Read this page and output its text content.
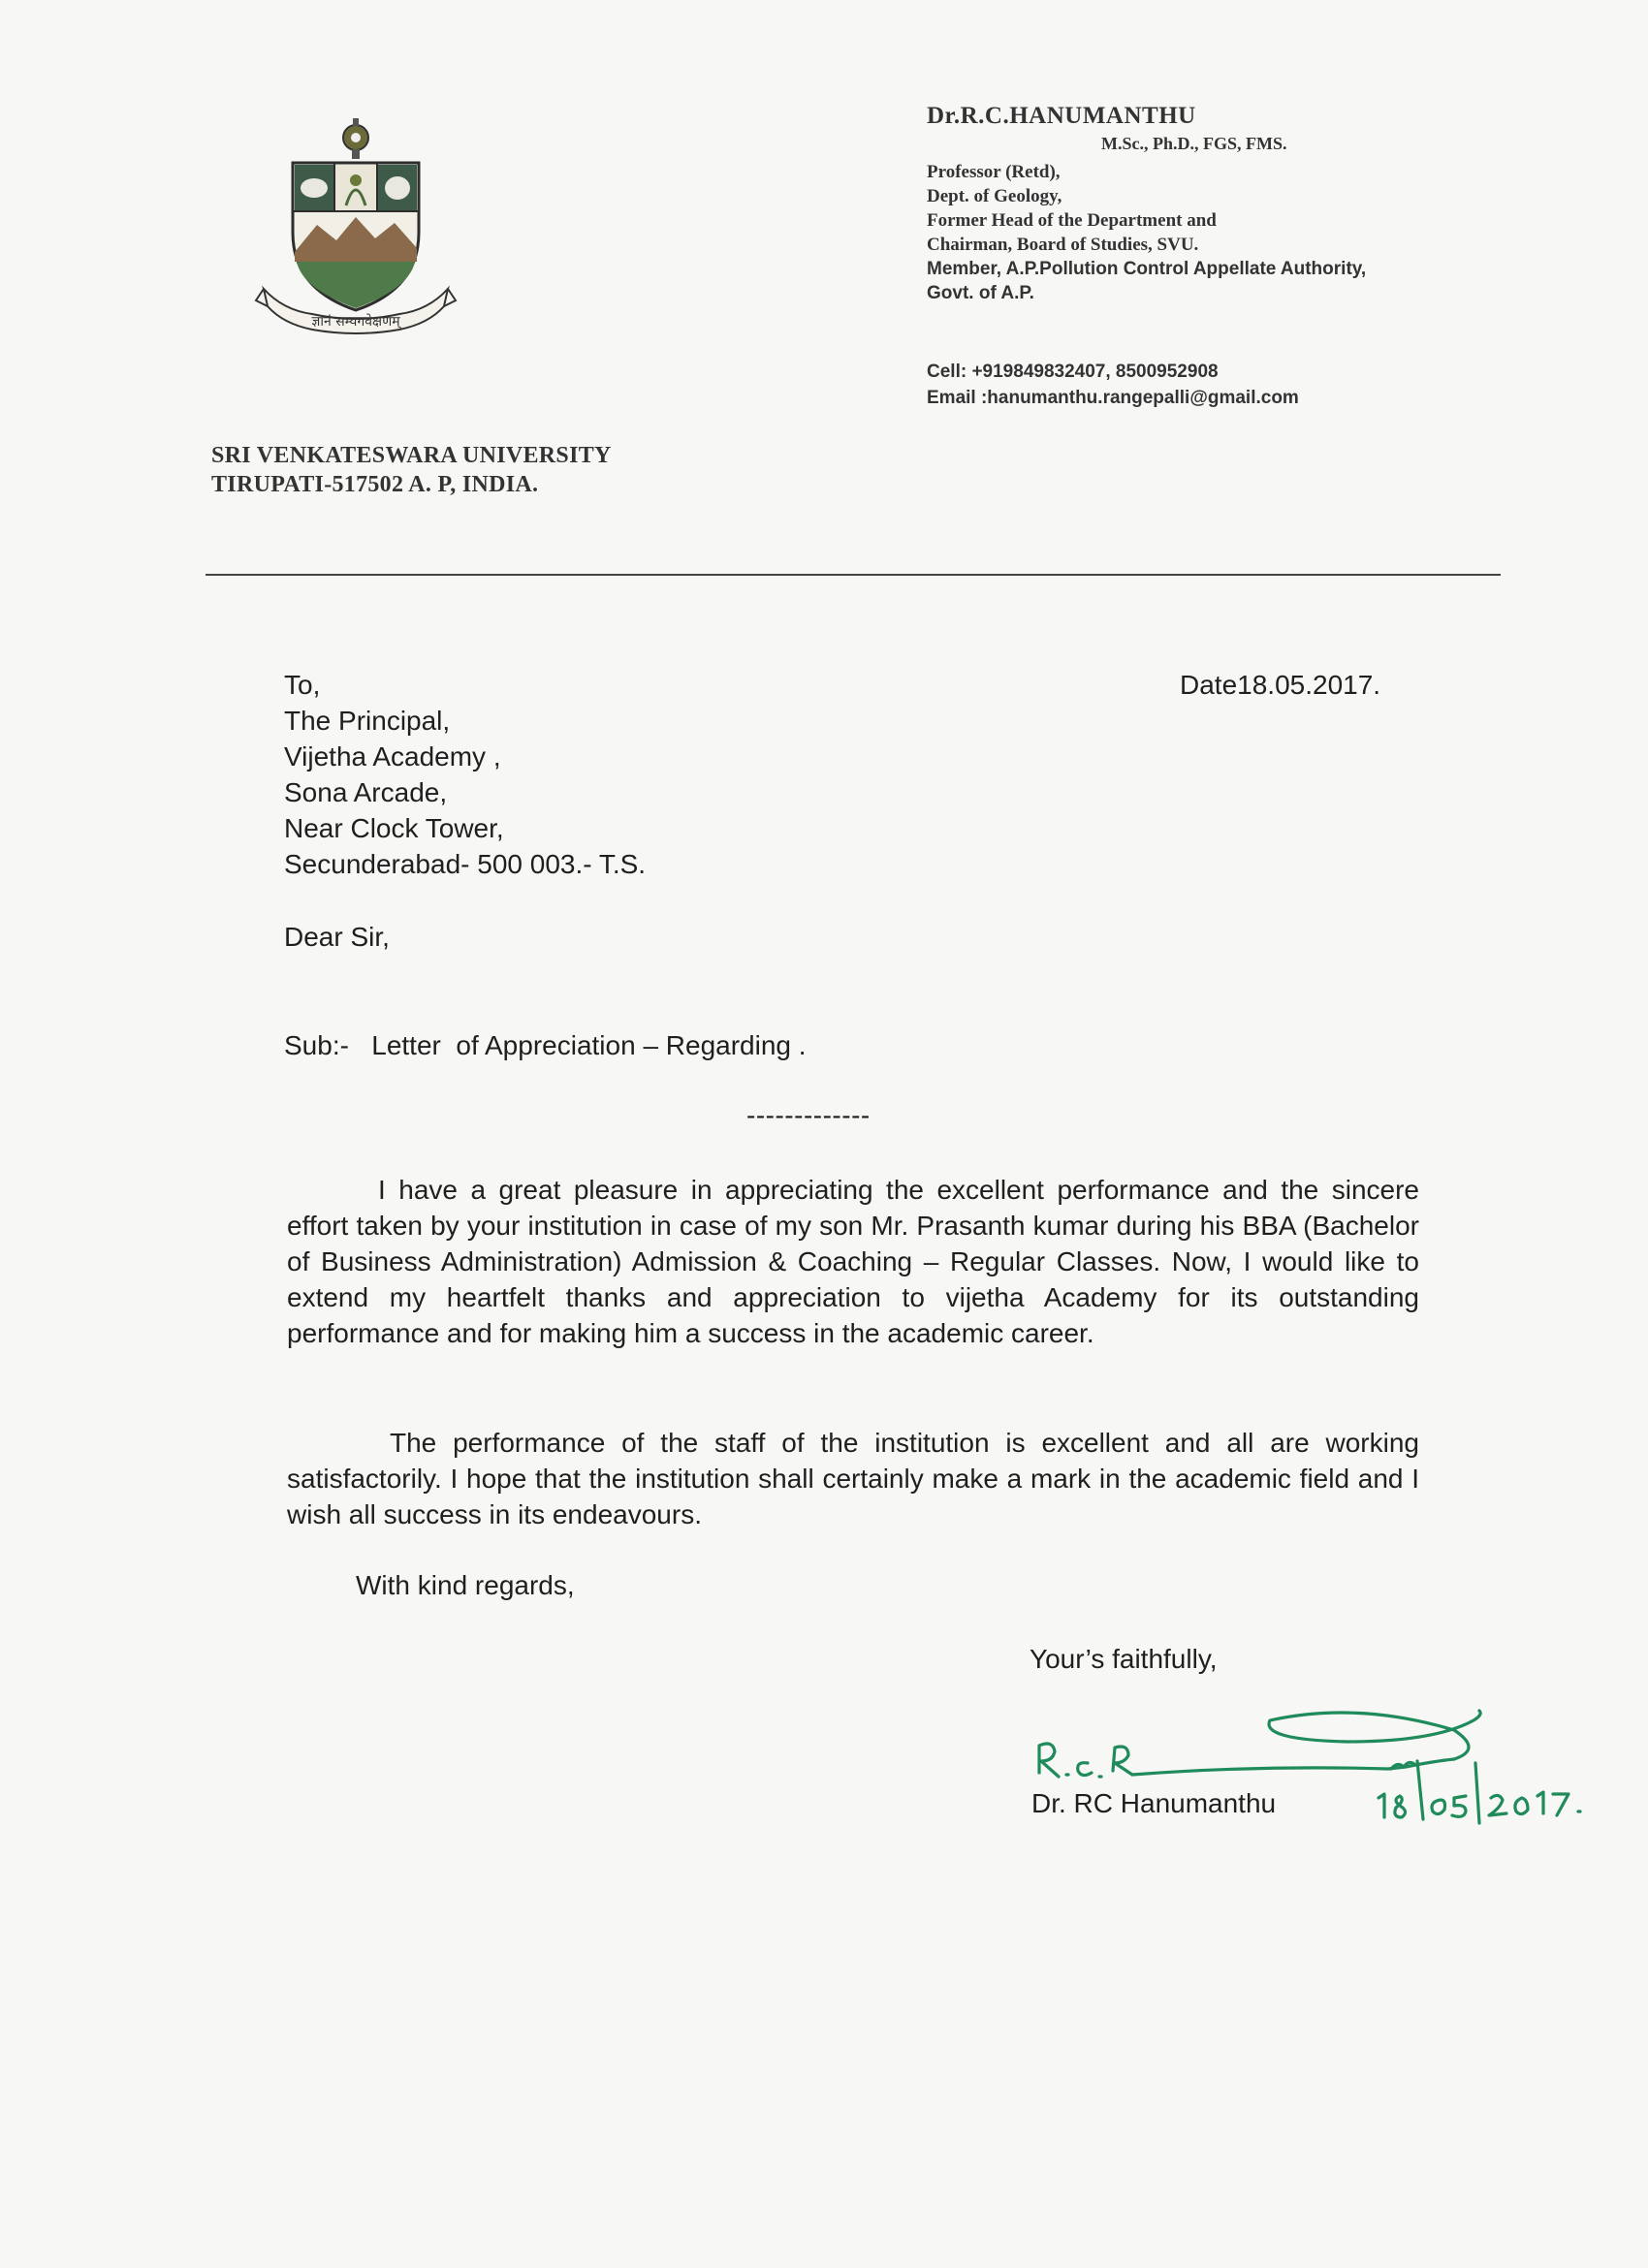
ज्ञानं सम्यगवेक्षणम्
Dr.R.C.HANUMANTHU
M.Sc., Ph.D., FGS, FMS.
Professor (Retd),
Dept. of Geology,
Former Head of the Department and
Chairman, Board of Studies, SVU.
Member, A.P.Pollution Control Appellate Authority,
Govt. of A.P.
Cell: +919849832407, 8500952908
Email :hanumanthu.rangepalli@gmail.com
SRI VENKATESWARA UNIVERSITY
TIRUPATI-517502 A. P, INDIA.
To,
The Principal,
Vijetha Academy ,
Sona Arcade,
Near Clock Tower,
Secunderabad- 500 003.- T.S.
Date18.05.2017.
Dear Sir,
Sub:-   Letter  of Appreciation – Regarding .
-------------
I have a great pleasure in appreciating the excellent performance and the sincere effort taken by your institution in case of my son Mr. Prasanth kumar during his BBA (Bachelor of Business Administration) Admission & Coaching – Regular Classes. Now, I would like to extend my heartfelt thanks and appreciation to vijetha Academy for its outstanding performance and for making him a success in the academic career.
The performance of the staff of the institution is excellent and all are working satisfactorily. I hope that the institution shall certainly make a mark in the academic field and I wish all success in its endeavours.
With kind regards,
Your’s faithfully,
Dr. RC Hanumanthu
